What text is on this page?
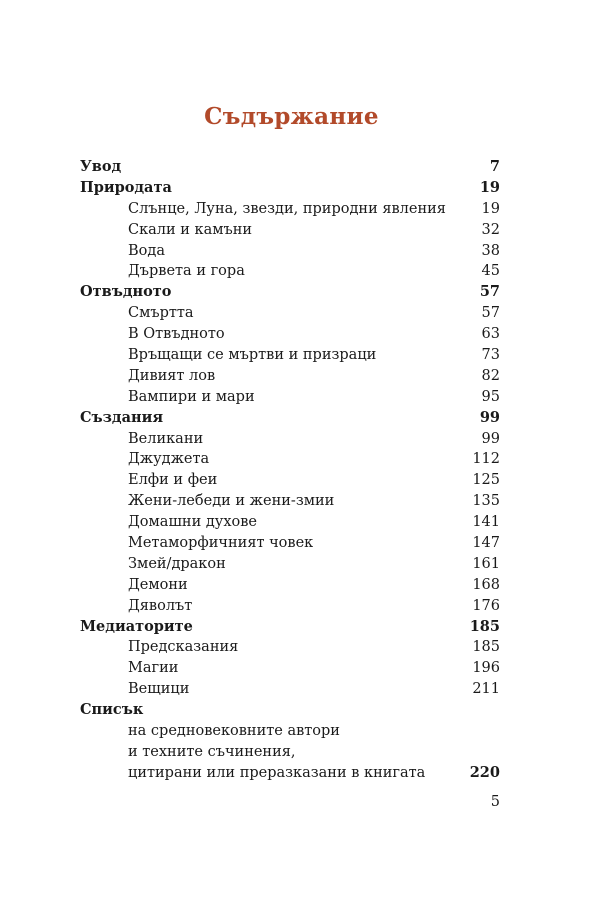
Съдържание
Увод	7
Природата	19
Слънце, Луна, звезди, природни явления 19
Скали и камъни	32
Вода	38
Дървета и гора	45
Отвъдното	57
Смъртта	57
В Отвъдното	63
Връщащи се мъртви и призраци	73
Дивият лов	82
Вампири и мари	95
Създания	99
Великани	99
Джуджета	112
Елфи и феи	125
Жени-лебеди и жени-змии	135
Домашни духове	141
Метаморфичният човек	147
Змей/дракон	161
Демони	168
Дяволът	176
Медиаторите	185
Предсказания	185
Магии	196
Вещици	211
Списък
на средновековните автори
и техните съчинения,
цитирани или преразказани в книгата	220
5
